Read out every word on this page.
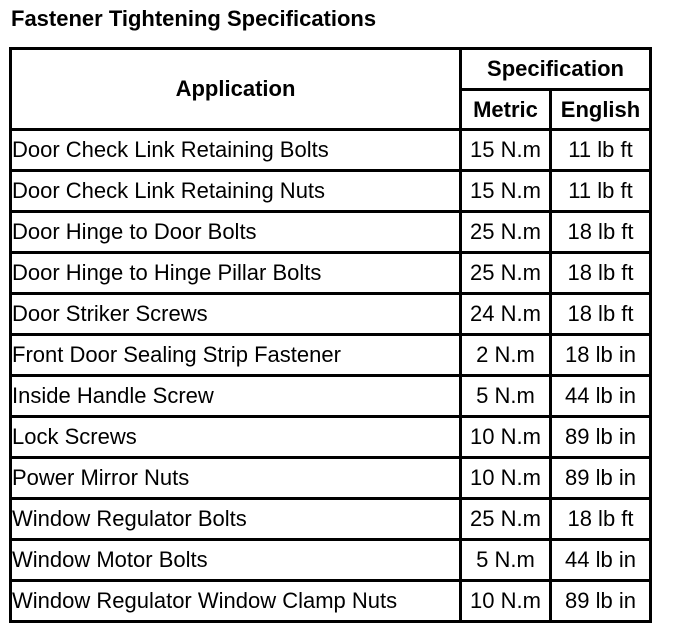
Fastener Tightening Specifications
Application	Specification	
	Metric	English
Door Check Link Retaining Bolts	15 N.m	11 lb ft
Door Check Link Retaining Nuts	15 N.m	11 lb ft
Door Hinge to Door Bolts	25 N.m	18 lb ft
Door Hinge to Hinge Pillar Bolts	25 N.m	18 lb ft
Door Striker Screws	24 N.m	18 lb ft
Front Door Sealing Strip Fastener	2 N.m	18 lb in
Inside Handle Screw	5 N.m	44 lb in
Lock Screws	10 N.m	89 lb in
Power Mirror Nuts	10 N.m	89 lb in
Window Regulator Bolts	25 N.m	18 lb ft
Window Motor Bolts	5 N.m	44 lb in
Window Regulator Window Clamp Nuts	10 N.m	89 lb in
